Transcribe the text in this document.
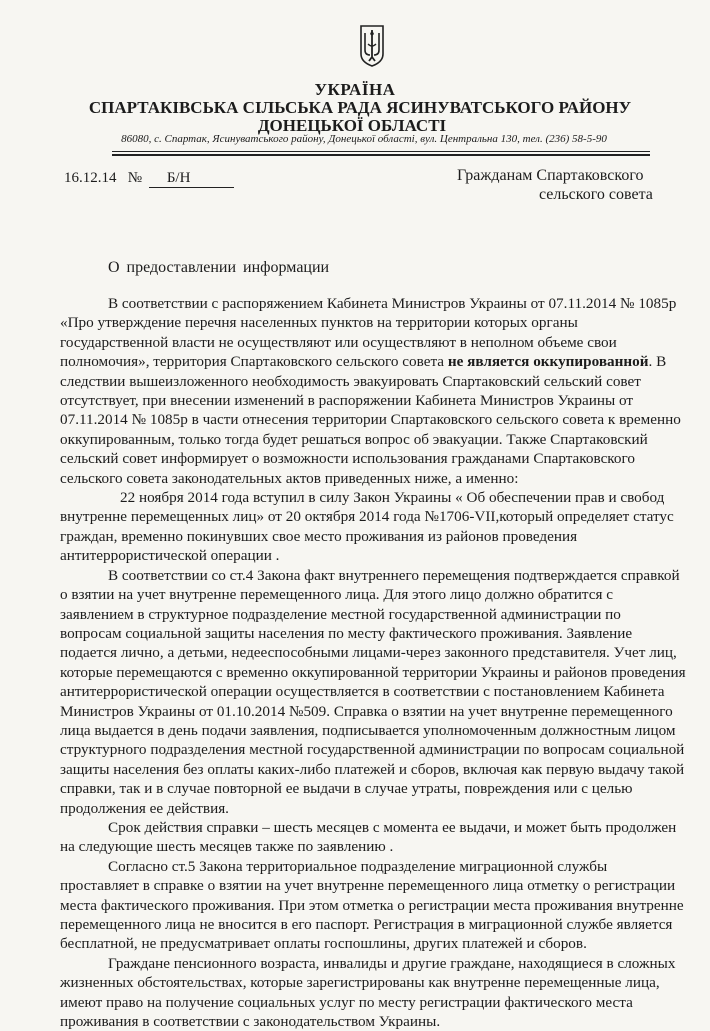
УКРАЇНА
СПАРТАКІВСЬКА СІЛЬСЬКА РАДА ЯСИНУВАТСЬКОГО РАЙОНУ
ДОНЕЦЬКОЇ ОБЛАСТІ
86080, с. Спартак, Ясинуватського району, Донецької області, вул. Центральна 130, тел. (236) 58-5-90
16.12.14 № Б/Н	Гражданам Спартаковского
сельского совета
О предоставлении информации

В соответствии с распоряжением Кабинета Министров Украины от 07.11.2014 № 1085р «Про утверждение перечня населенных пунктов на территории которых органы государственной власти не осуществляют или осуществляют в неполном объеме свои полномочия», территория Спартаковского сельского совета не является оккупированной. В следствии вышеизложенного необходимость эвакуировать Спартаковский сельский совет отсутствует, при внесении изменений в распоряжении Кабинета Министров Украины от 07.11.2014 № 1085р в части отнесения территории Спартаковского сельского совета к временно оккупированным, только тогда будет решаться вопрос об эвакуации. Также Спартаковский сельский совет информирует о возможности использования гражданами Спартаковского сельского совета законодательных актов приведенных ниже, а именно:

22 ноября 2014 года вступил в силу Закон Украины « Об обеспечении прав и свобод внутренне перемещенных лиц» от 20 октября 2014 года №1706-VII,который определяет статус граждан, временно покинувших свое место проживания из районов проведения антитеррористической операции .

В соответствии со ст.4 Закона факт внутреннего перемещения подтверждается справкой о взятии на учет внутренне перемещенного лица. Для этого лицо должно обратится с заявлением в структурное подразделение местной государственной администрации по вопросам социальной защиты населения по месту фактического проживания. Заявление подается лично, а детьми, недееспособными лицами-через законного представителя. Учет лиц, которые перемещаются с временно оккупированной территории Украины и районов проведения антитеррористической операции осуществляется в соответствии с постановлением Кабинета Министров Украины от 01.10.2014 №509. Справка о взятии на учет внутренне перемещенного лица выдается в день подачи заявления, подписывается уполномоченным должностным лицом структурного подразделения местной государственной администрации по вопросам социальной защиты населения без оплаты каких-либо платежей и сборов, включая как первую выдачу такой справки, так и в случае повторной ее выдачи в случае утраты, повреждения или с целью продолжения ее действия.

Срок действия справки – шесть месяцев с момента ее выдачи, и может быть продолжен на следующие шесть месяцев также по заявлению .

Согласно ст.5 Закона территориальное подразделение миграционной службы проставляет в справке о взятии на учет внутренне перемещенного лица отметку о регистрации места фактического проживания. При этом отметка о регистрации места проживания внутренне перемещенного лица не вносится в его паспорт. Регистрация в миграционной службе является бесплатной, не предусматривает оплаты госпошлины, других платежей и сборов.

Граждане пенсионного возраста, инвалиды и другие граждане, находящиеся в сложных жизненных обстоятельствах, которые зарегистрированы как внутренне перемещенные лица, имеют право на получение социальных услуг по месту регистрации фактического места проживания в соответствии с законодательством Украины.
